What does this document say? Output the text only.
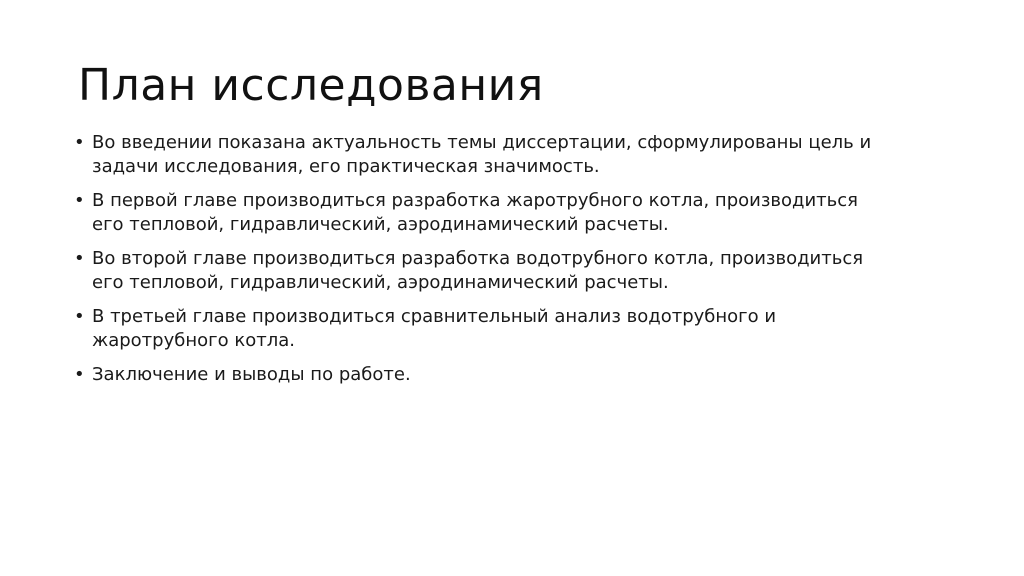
План исследования
• Во введении показана актуальность темы диссертации, сформулированы цель и задачи исследования, его практическая значимость.
• В первой главе производиться разработка жаротрубного котла, производиться его тепловой, гидравлический, аэродинамический расчеты.
• Во второй главе производиться разработка водотрубного котла, производиться его тепловой, гидравлический, аэродинамический расчеты.
• В третьей главе производиться сравнительный анализ водотрубного и жаротрубного котла.
• Заключение и выводы по работе.
